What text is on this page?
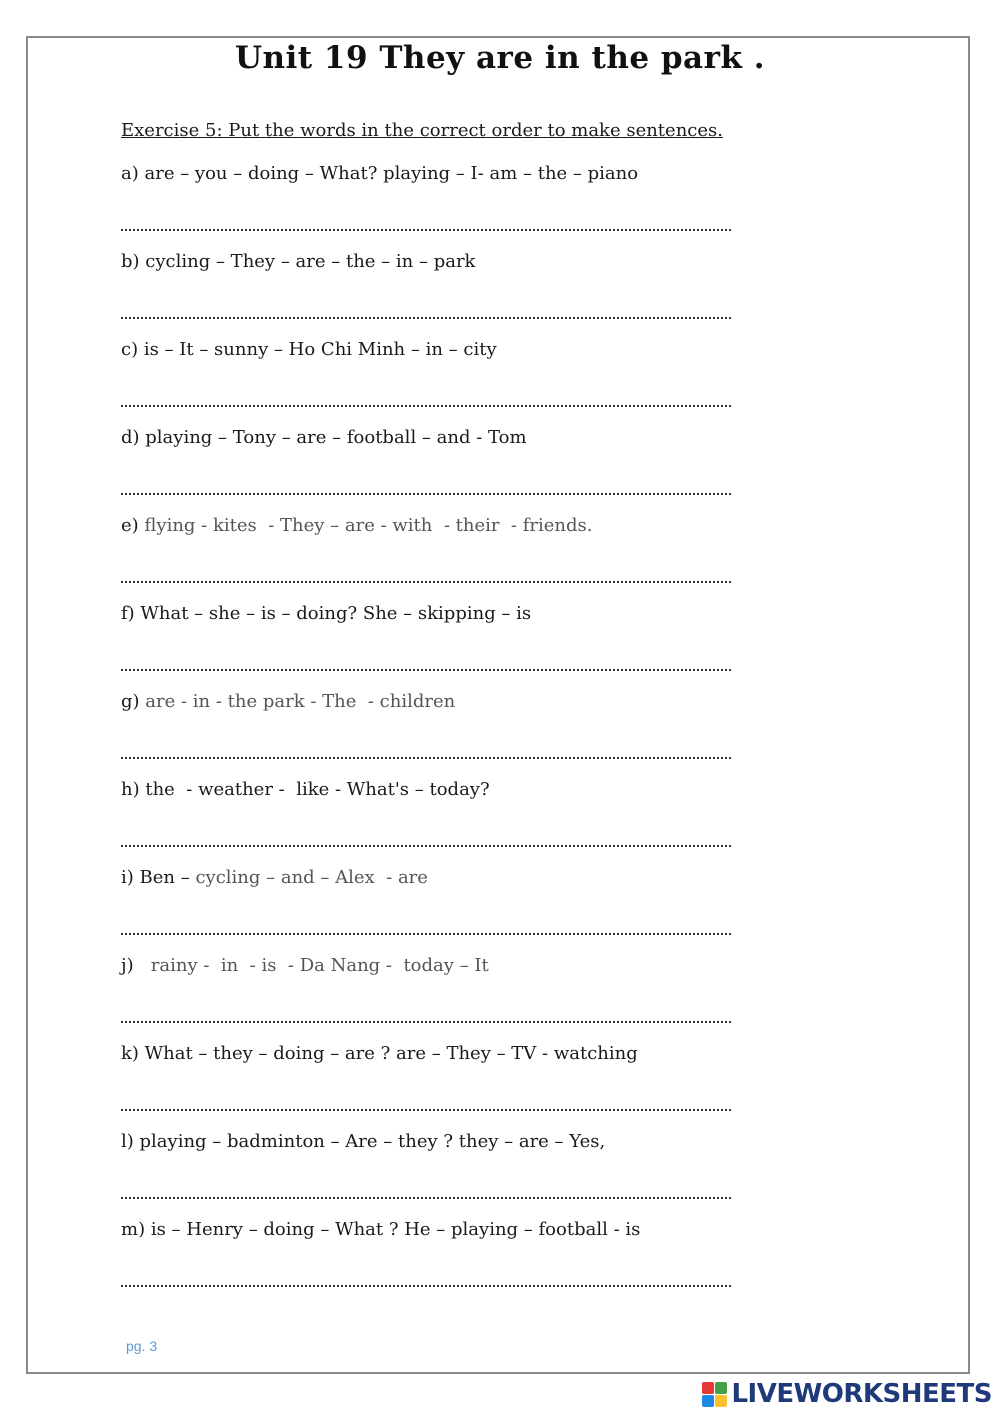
Unit 19 They are in the park .
Exercise 5: Put the words in the correct order to make sentences.
a) are – you – doing – What? playing – I- am – the – piano
b) cycling – They – are – the – in – park
c) is – It – sunny – Ho Chi Minh – in – city
d) playing – Tony – are – football – and - Tom
e) flying - kites  - They – are - with  - their  - friends.
f) What – she – is – doing? She – skipping – is
g) are - in - the park - The  - children
h) the  - weather -  like - What's – today?
i) Ben – cycling – and – Alex  - are
j)   rainy -  in  - is  - Da Nang -  today – It
k) What – they – doing – are ? are – They – TV - watching
l) playing – badminton – Are – they ? they – are – Yes,
m) is – Henry – doing – What ? He – playing – football - is
pg. 3
LIVEWORKSHEETS
